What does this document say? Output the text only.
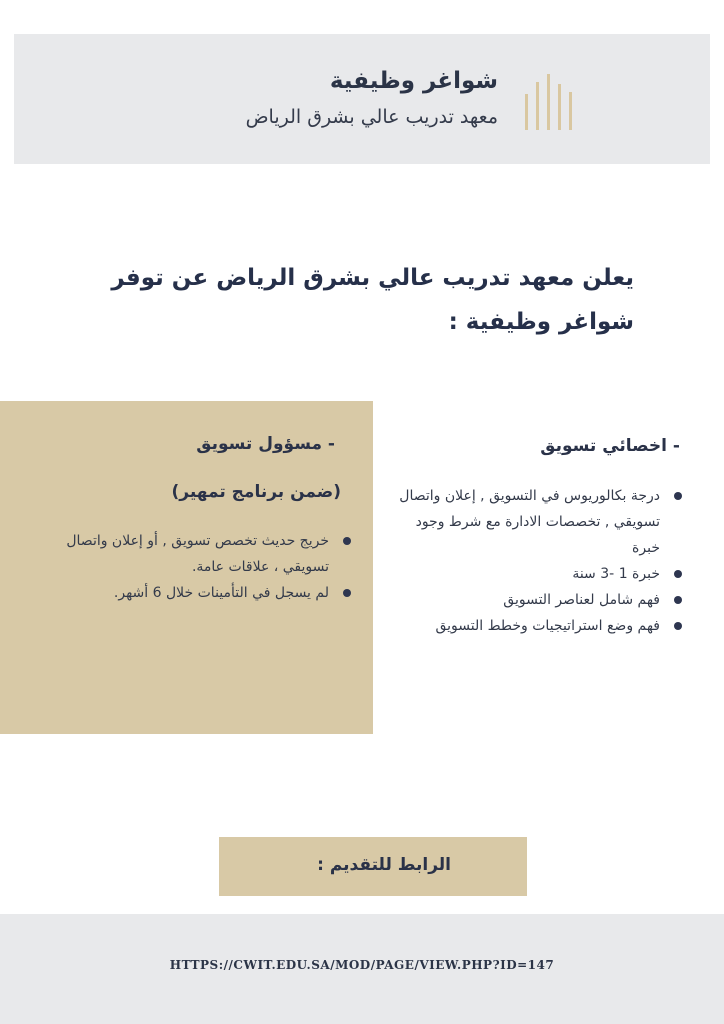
شواغر وظيفية
معهد تدريب عالي بشرق الرياض
يعلن معهد تدريب عالي بشرق الرياض عن توفر
شواغر وظيفية :
- مسؤول تسويق
(ضمن برنامج تمهير)
خريج حديث تخصص تسويق , أو إعلان واتصال تسويقي ، علاقات عامة.
لم يسجل في التأمينات خلال 6 أشهر.
- اخصائي تسويق
درجة بكالوريوس في التسويق , إعلان واتصال تسويقي , تخصصات الادارة مع شرط وجود خبرة
خبرة 1 -3 سنة
فهم شامل لعناصر التسويق
فهم وضع استراتيجيات وخطط التسويق
الرابط للتقديم :
HTTPS://CWIT.EDU.SA/MOD/PAGE/VIEW.PHP?ID=147
